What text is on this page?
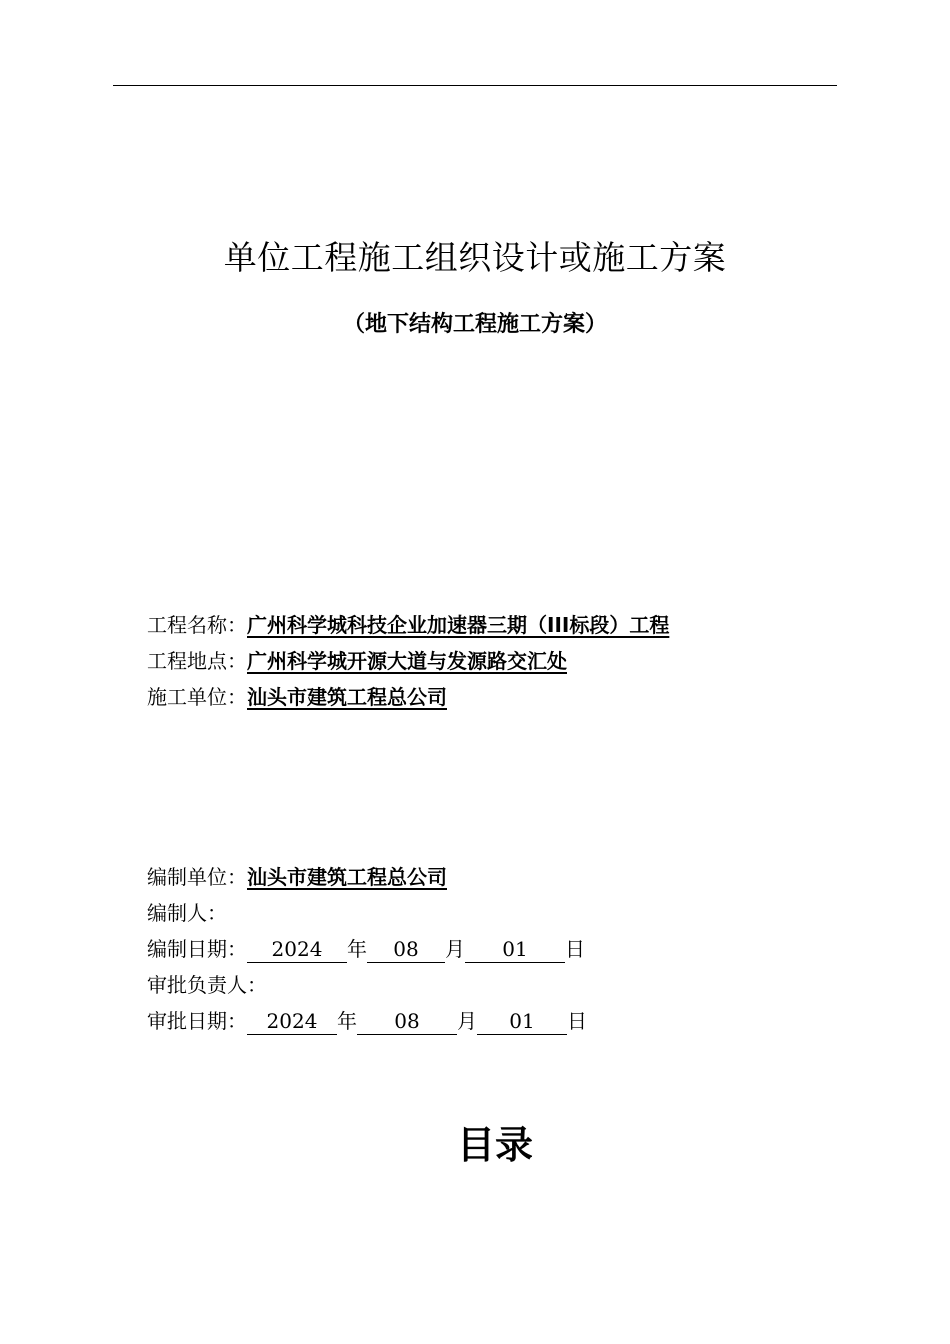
单位工程施工组织设计或施工方案
（地下结构工程施工方案）
工程名称：广州科学城科技企业加速器三期（III标段）工程
工程地点：广州科学城开源大道与发源路交汇处
施工单位：汕头市建筑工程总公司
编制单位：汕头市建筑工程总公司
编制人：
编制日期： 2024 年 08 月 01 日
审批负责人：
审批日期： 2024 年 08 月 01 日
目录
